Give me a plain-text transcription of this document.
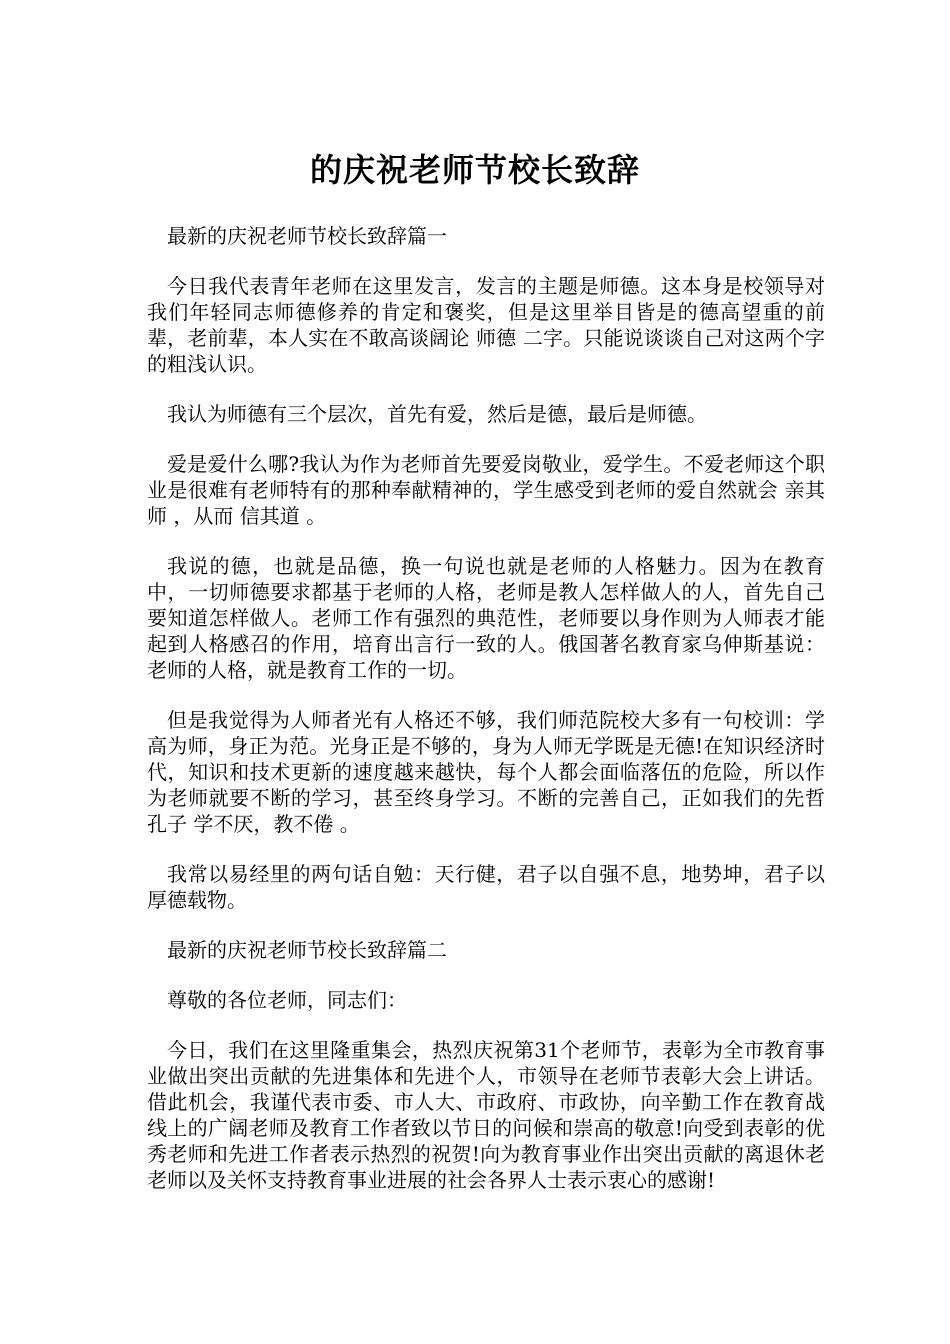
的庆祝老师节校长致辞

最新的庆祝老师节校长致辞篇一

今日我代表青年老师在这里发言，发言的主题是师德。这本身是校领导对我们年轻同志师德修养的肯定和褒奖，但是这里举目皆是的德高望重的前辈，老前辈，本人实在不敢高谈阔论 师德 二字。只能说谈谈自己对这两个字的粗浅认识。

我认为师德有三个层次，首先有爱，然后是德，最后是师德。

爱是爱什么哪?我认为作为老师首先要爱岗敬业，爱学生。不爱老师这个职业是很难有老师特有的那种奉献精神的，学生感受到老师的爱自然就会 亲其师 ，从而 信其道 。

我说的德，也就是品德，换一句说也就是老师的人格魅力。因为在教育中，一切师德要求都基于老师的人格，老师是教人怎样做人的人，首先自己要知道怎样做人。老师工作有强烈的典范性，老师要以身作则为人师表才能起到人格感召的作用，培育出言行一致的人。俄国著名教育家乌伸斯基说： 老师的人格，就是教育工作的一切。

但是我觉得为人师者光有人格还不够，我们师范院校大多有一句校训：学高为师，身正为范。光身正是不够的，身为人师无学既是无德!在知识经济时代，知识和技术更新的速度越来越快，每个人都会面临落伍的危险，所以作为老师就要不断的学习，甚至终身学习。不断的完善自己，正如我们的先哲孔子 学不厌，教不倦 。

我常以易经里的两句话自勉：天行健，君子以自强不息，地势坤，君子以厚德载物。

最新的庆祝老师节校长致辞篇二

尊敬的各位老师，同志们：

今日，我们在这里隆重集会，热烈庆祝第31个老师节，表彰为全市教育事业做出突出贡献的先进集体和先进个人，市领导在老师节表彰大会上讲话。借此机会，我谨代表市委、市人大、市政府、市政协，向辛勤工作在教育战线上的广阔老师及教育工作者致以节日的问候和崇高的敬意!向受到表彰的优秀老师和先进工作者表示热烈的祝贺!向为教育事业作出突出贡献的离退休老老师以及关怀支持教育事业进展的社会各界人士表示衷心的感谢!
